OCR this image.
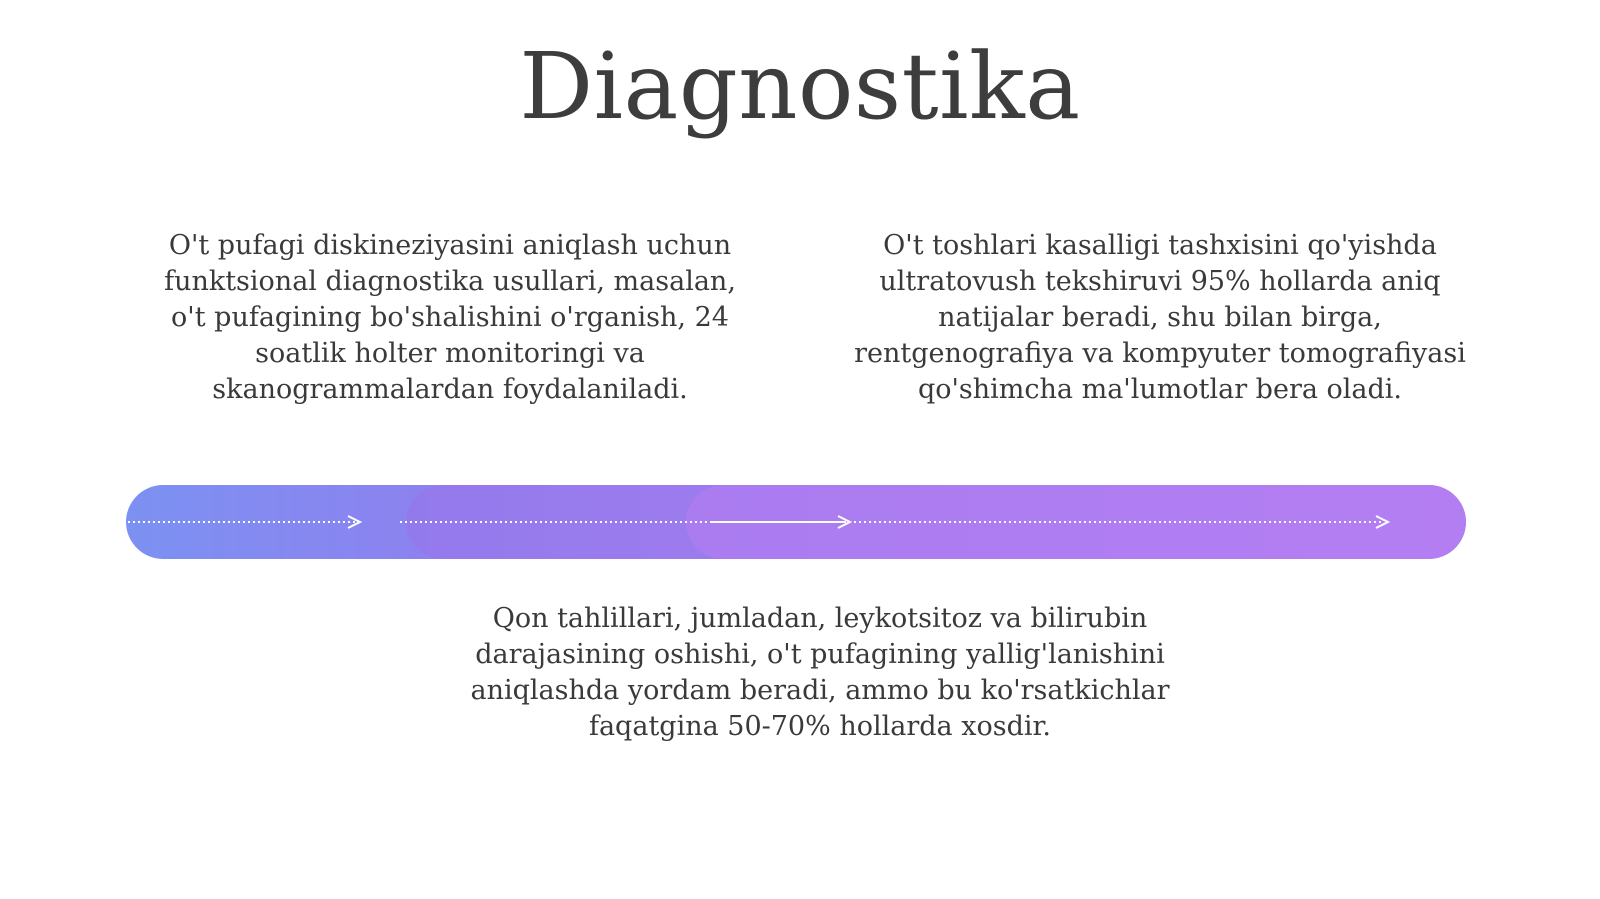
Diagnostika
O't pufagi diskineziyasini aniqlash uchun funktsional diagnostika usullari, masalan, o't pufagining bo'shalishini o'rganish, 24 soatlik holter monitoringi va skanogrammalardan foydalaniladi.
O't toshlari kasalligi tashxisini qo'yishda ultratovush tekshiruvi 95% hollarda aniq natijalar beradi, shu bilan birga, rentgenografiya va kompyuter tomografiyasi qo'shimcha ma'lumotlar bera oladi.
Qon tahlillari, jumladan, leykotsitoz va bilirubin darajasining oshishi, o't pufagining yallig'lanishini aniqlashda yordam beradi, ammo bu ko'rsatkichlar faqatgina 50-70% hollarda xosdir.
